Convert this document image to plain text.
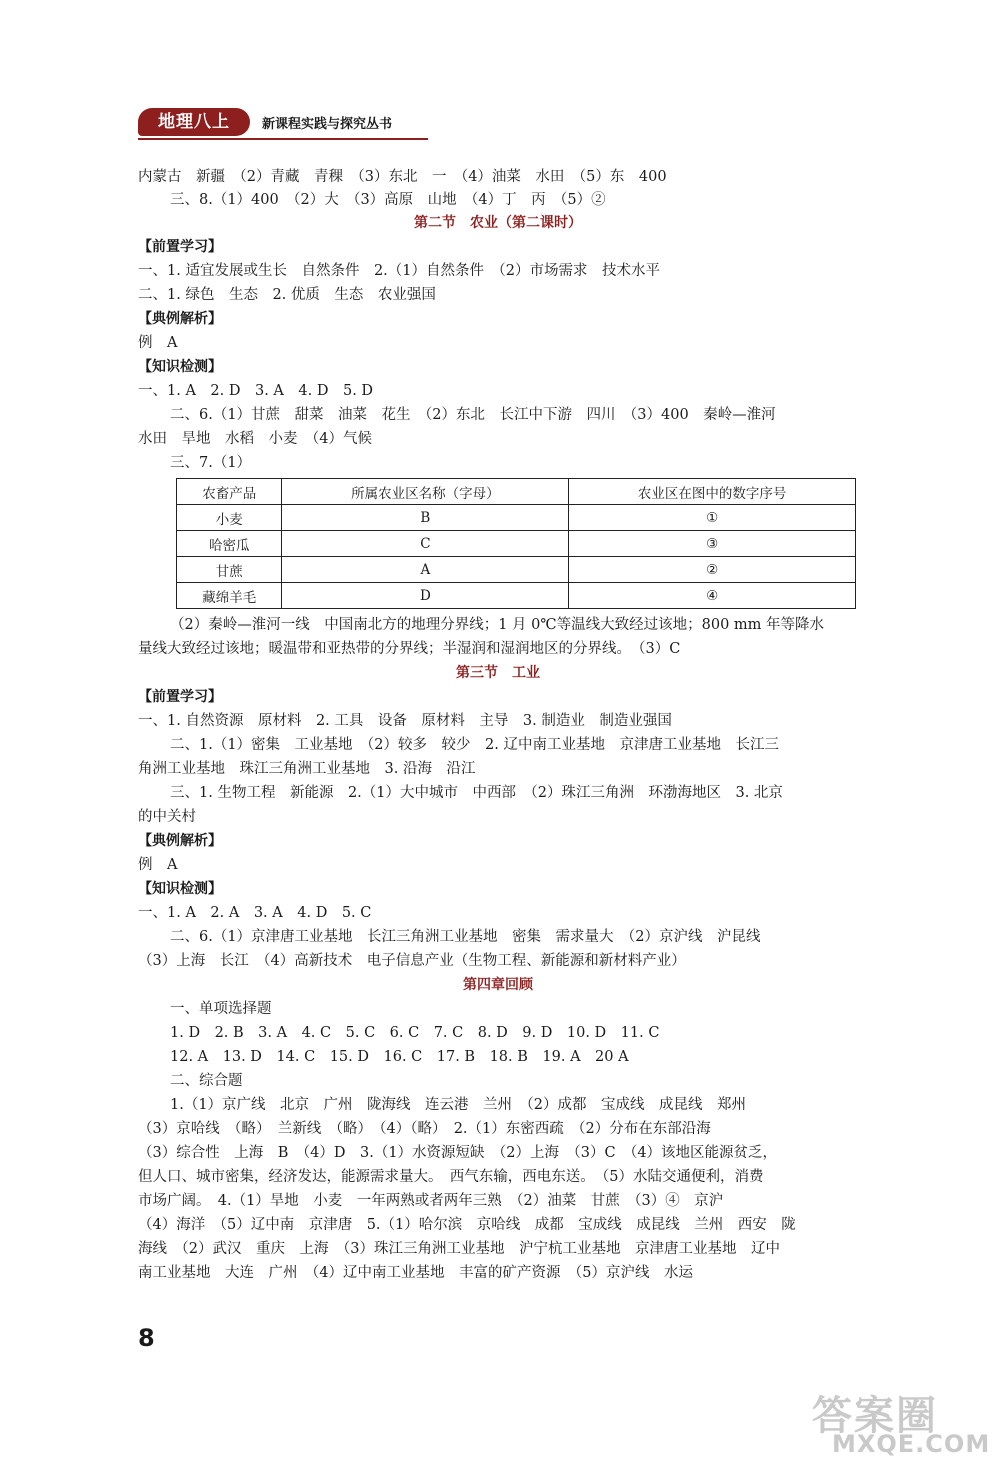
地理八上	新课程实践与探究丛书
内蒙古　新疆　（2）青藏　青稞　（3）东北　一　（4）油菜　水田　（5）东　400
三、8.（1）400　（2）大　（3）高原　山地　（4）丁　丙　（5）②
第二节　农业（第二课时）
【前置学习】
一、1. 适宜发展或生长　自然条件　2.（1）自然条件　（2）市场需求　技术水平
二、1. 绿色　生态　2. 优质　生态　农业强国
【典例解析】
例　A
【知识检测】
一、1. A　2. D　3. A　4. D　5. D
二、6.（1）甘蔗　甜菜　油菜　花生　（2）东北　长江中下游　四川　（3）400　秦岭—淮河
水田　旱地　水稻　小麦　（4）气候
三、7.（1）
农畜产品	所属农业区名称（字母）	农业区在图中的数字序号
小麦	B	①
哈密瓜	C	③
甘蔗	A	②
藏绵羊毛	D	④
（2）秦岭—淮河一线　中国南北方的地理分界线；1 月 0℃等温线大致经过该地；800 mm 年等降水
量线大致经过该地；暖温带和亚热带的分界线；半湿润和湿润地区的分界线。　（3）C
第三节　工业
【前置学习】
一、1. 自然资源　原材料　2. 工具　设备　原材料　主导　3. 制造业　制造业强国
二、1.（1）密集　工业基地　（2）较多　较少　2. 辽中南工业基地　京津唐工业基地　长江三
角洲工业基地　珠江三角洲工业基地　3. 沿海　沿江
三、1. 生物工程　新能源　2.（1）大中城市　中西部　（2）珠江三角洲　环渤海地区　3. 北京
的中关村
【典例解析】
例　A
【知识检测】
一、1. A　2. A　3. A　4. D　5. C
二、6.（1）京津唐工业基地　长江三角洲工业基地　密集　需求量大　（2）京沪线　沪昆线
（3）上海　长江　（4）高新技术　电子信息产业（生物工程、新能源和新材料产业）
第四章回顾
一、单项选择题
1. D　2. B　3. A　4. C　5. C　6. C　7. C　8. D　9. D　10. D　11. C
12. A　13. D　14. C　15. D　16. C　17. B　18. B　19. A　20 A
二、综合题
1.（1）京广线　北京　广州　陇海线　连云港　兰州　（2）成都　宝成线　成昆线　郑州
（3）京哈线　（略）　兰新线　（略）　（4）（略）　2.（1）东密西疏　（2）分布在东部沿海
（3）综合性　上海　B　（4）D　3.（1）水资源短缺　（2）上海　（3）C　（4）该地区能源贫乏，
但人口、城市密集，经济发达，能源需求量大。　西气东输，西电东送。　（5）水陆交通便利，消费
市场广阔。　4.（1）旱地　小麦　一年两熟或者两年三熟　（2）油菜　甘蔗　（3）④　京沪
（4）海洋　（5）辽中南　京津唐　5.（1）哈尔滨　京哈线　成都　宝成线　成昆线　兰州　西安　陇
海线　（2）武汉　重庆　上海　（3）珠江三角洲工业基地　沪宁杭工业基地　京津唐工业基地　辽中
南工业基地　大连　广州　（4）辽中南工业基地　丰富的矿产资源　（5）京沪线　水运
8
答案圈
MXQE.COM
